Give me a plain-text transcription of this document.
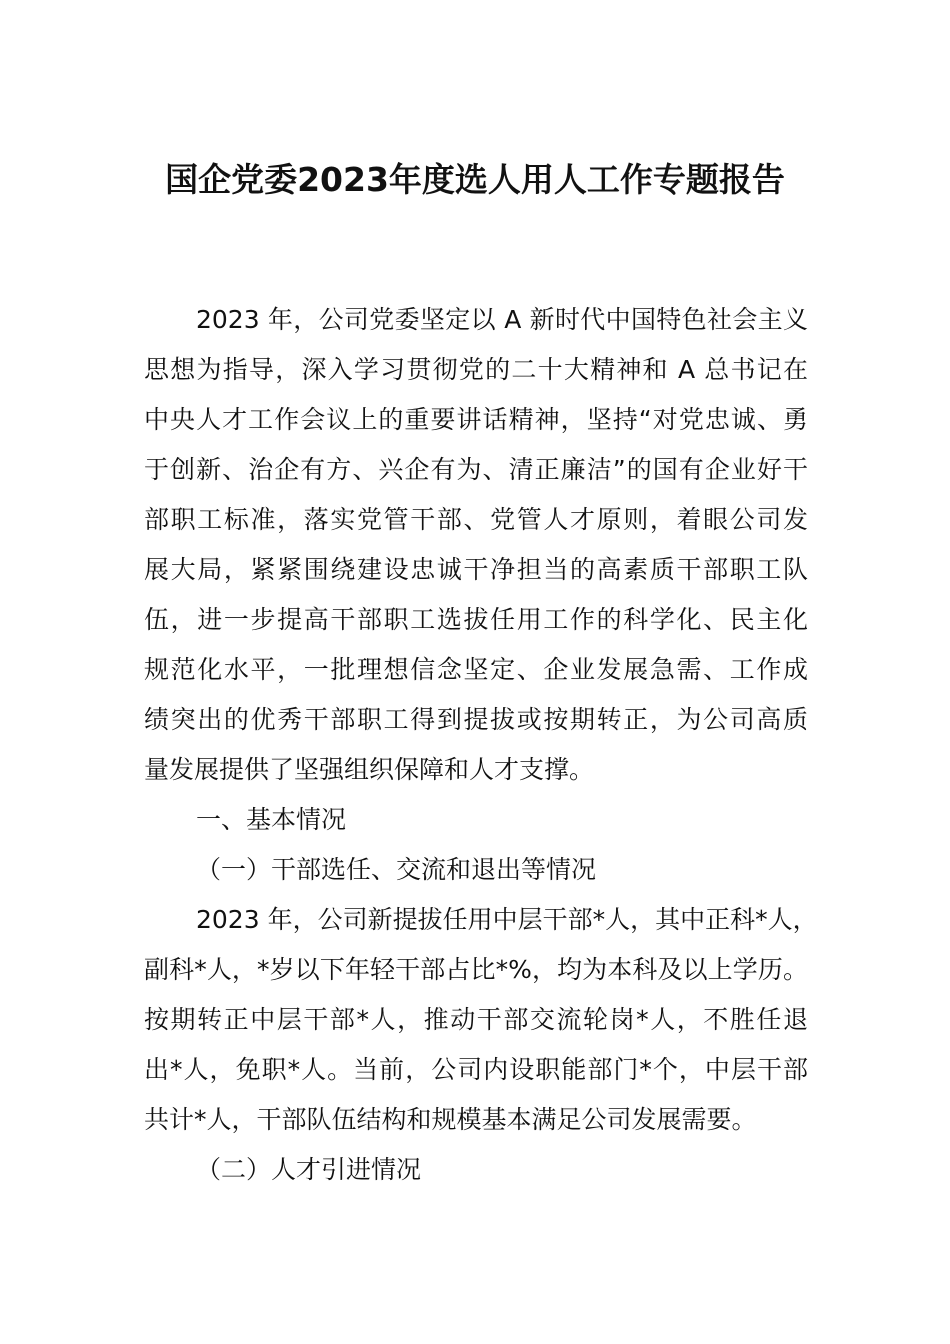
国企党委2023年度选人用人工作专题报告
2023 年，公司党委坚定以 A 新时代中国特色社会主义
思想为指导，深入学习贯彻党的二十大精神和 A 总书记在
中央人才工作会议上的重要讲话精神，坚持“对党忠诚、勇
于创新、治企有方、兴企有为、清正廉洁”的国有企业好干
部职工标准，落实党管干部、党管人才原则，着眼公司发
展大局，紧紧围绕建设忠诚干净担当的高素质干部职工队
伍，进一步提高干部职工选拔任用工作的科学化、民主化
规范化水平，一批理想信念坚定、企业发展急需、工作成
绩突出的优秀干部职工得到提拔或按期转正，为公司高质
量发展提供了坚强组织保障和人才支撑。
一、基本情况
（一）干部选任、交流和退出等情况
2023 年，公司新提拔任用中层干部*人，其中正科*人，
副科*人，*岁以下年轻干部占比*%，均为本科及以上学历。
按期转正中层干部*人，推动干部交流轮岗*人，不胜任退
出*人，免职*人。当前，公司内设职能部门*个，中层干部
共计*人，干部队伍结构和规模基本满足公司发展需要。
（二）人才引进情况
